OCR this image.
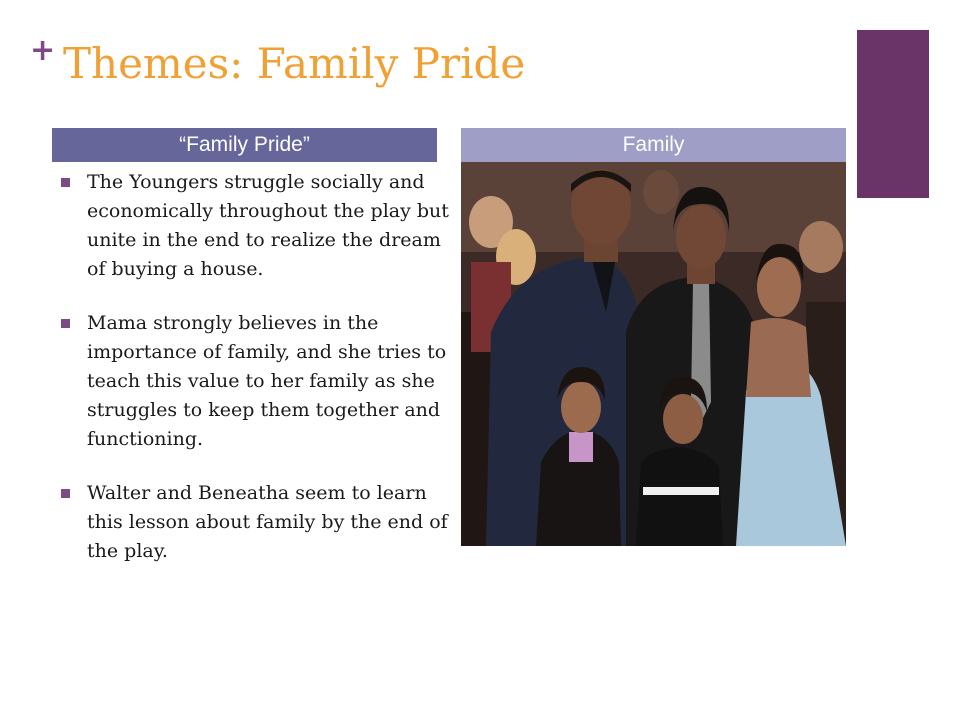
+ Themes: Family Pride
“Family Pride”	Family
The Youngers struggle socially and economically throughout the play but unite in the end to realize the dream of buying a house.
Mama strongly believes in the importance of family, and she tries to teach this value to her family as she struggles to keep them together and functioning.
Walter and Beneatha seem to learn this lesson about family by the end of the play.
